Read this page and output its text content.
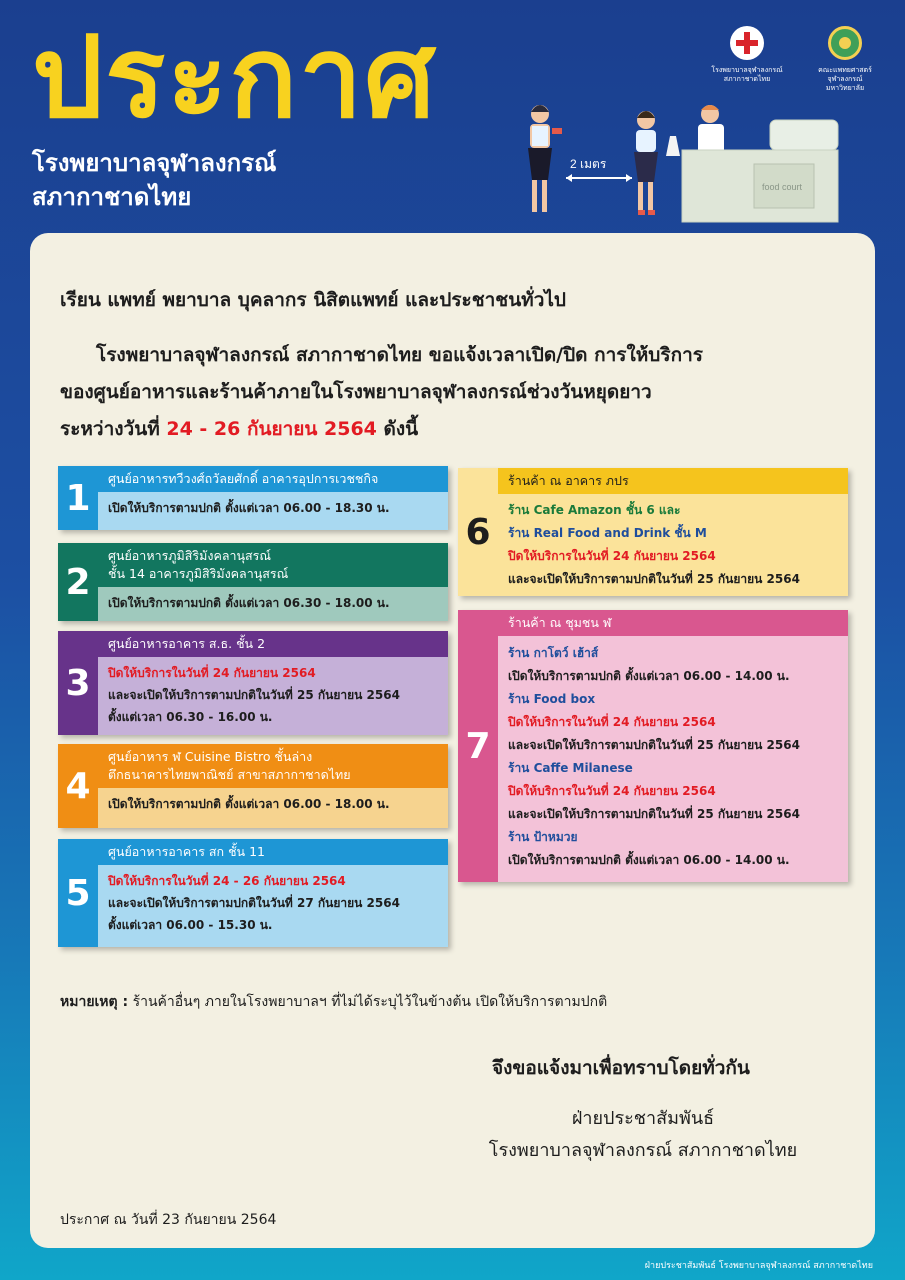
ประกาศ
โรงพยาบาลจุฬาลงกรณ์
สภากาชาดไทย
โรงพยาบาลจุฬาลงกรณ์ สภากาชาดไทย
คณะแพทยศาสตร์ จุฬาลงกรณ์มหาวิทยาลัย
2 เมตร
food court
เรียน แพทย์ พยาบาล บุคลากร นิสิตแพทย์ และประชาชนทั่วไป
โรงพยาบาลจุฬาลงกรณ์ สภากาชาดไทย ขอแจ้งเวลาเปิด/ปิด การให้บริการ
ของศูนย์อาหารและร้านค้าภายในโรงพยาบาลจุฬาลงกรณ์ช่วงวันหยุดยาว
ระหว่างวันที่ 24 - 26 กันยายน 2564 ดังนี้
1	ศูนย์อาหารทวีวงศ์ถวัลยศักดิ์ อาคารอุปการเวชชกิจ
เปิดให้บริการตามปกติ ตั้งแต่เวลา 06.00 - 18.30 น.
2
ศูนย์อาหารภูมิสิริมังคลานุสรณ์
ชั้น 14 อาคารภูมิสิริมังคลานุสรณ์
เปิดให้บริการตามปกติ ตั้งแต่เวลา 06.30 - 18.00 น.
3
ศูนย์อาหารอาคาร ส.ธ. ชั้น 2
ปิดให้บริการในวันที่ 24 กันยายน 2564
และจะเปิดให้บริการตามปกติในวันที่ 25 กันยายน 2564
ตั้งแต่เวลา 06.30 - 16.00 น.
4
ศูนย์อาหาร ฬ Cuisine Bistro ชั้นล่าง
ตึกธนาคารไทยพาณิชย์ สาขาสภากาชาดไทย
เปิดให้บริการตามปกติ ตั้งแต่เวลา 06.00 - 18.00 น.
5
ศูนย์อาหารอาคาร สก ชั้น 11
ปิดให้บริการในวันที่ 24 - 26 กันยายน 2564
และจะเปิดให้บริการตามปกติในวันที่ 27 กันยายน 2564
ตั้งแต่เวลา 06.00 - 15.30 น.
6
ร้านค้า ณ อาคาร ภปร
ร้าน Cafe Amazon ชั้น 6 และ
ร้าน Real Food and Drink ชั้น M
ปิดให้บริการในวันที่ 24 กันยายน 2564
และจะเปิดให้บริการตามปกติในวันที่ 25 กันยายน 2564
7
ร้านค้า ณ ชุมชน ฬ
ร้าน กาโตว์ เฮ้าส์
เปิดให้บริการตามปกติ ตั้งแต่เวลา 06.00 - 14.00 น.
ร้าน Food box
ปิดให้บริการในวันที่ 24 กันยายน 2564
และจะเปิดให้บริการตามปกติในวันที่ 25 กันยายน 2564
ร้าน Caffe Milanese
ปิดให้บริการในวันที่ 24 กันยายน 2564
และจะเปิดให้บริการตามปกติในวันที่ 25 กันยายน 2564
ร้าน ป้าหมวย
เปิดให้บริการตามปกติ ตั้งแต่เวลา 06.00 - 14.00 น.
หมายเหตุ : ร้านค้าอื่นๆ ภายในโรงพยาบาลฯ ที่ไม่ได้ระบุไว้ในข้างต้น เปิดให้บริการตามปกติ
จึงขอแจ้งมาเพื่อทราบโดยทั่วกัน
ฝ่ายประชาสัมพันธ์
โรงพยาบาลจุฬาลงกรณ์ สภากาชาดไทย
ประกาศ ณ วันที่ 23 กันยายน 2564
ฝ่ายประชาสัมพันธ์ โรงพยาบาลจุฬาลงกรณ์ สภากาชาดไทย
